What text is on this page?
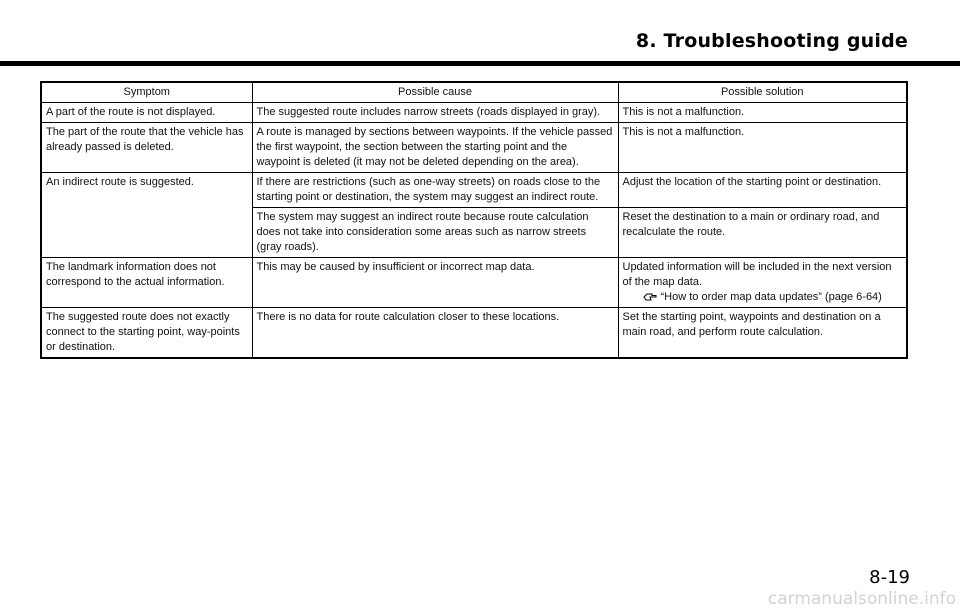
8. Troubleshooting guide
Symptom	Possible cause	Possible solution
A part of the route is not displayed.	The suggested route includes narrow streets (roads displayed in gray).	This is not a malfunction.
The part of the route that the vehicle has already passed is deleted.	A route is managed by sections between waypoints. If the vehicle passed the first waypoint, the section between the starting point and the waypoint is deleted (it may not be deleted depending on the area).	This is not a malfunction.
An indirect route is suggested.	If there are restrictions (such as one-way streets) on roads close to the starting point or destination, the system may suggest an indirect route.	Adjust the location of the starting point or destination.
	The system may suggest an indirect route because route calculation does not take into consideration some areas such as narrow streets (gray roads).	Reset the destination to a main or ordinary road, and recalculate the route.
The landmark information does not correspond to the actual information.	This may be caused by insufficient or incorrect map data.	Updated information will be included in the next version of the map data.
“How to order map data updates” (page 6-64)

The suggested route does not exactly connect to the starting point, way-points or destination.	There is no data for route calculation closer to these locations.	Set the starting point, waypoints and destination on a main road, and perform route calculation.
8-19
carmanualsonline.info
